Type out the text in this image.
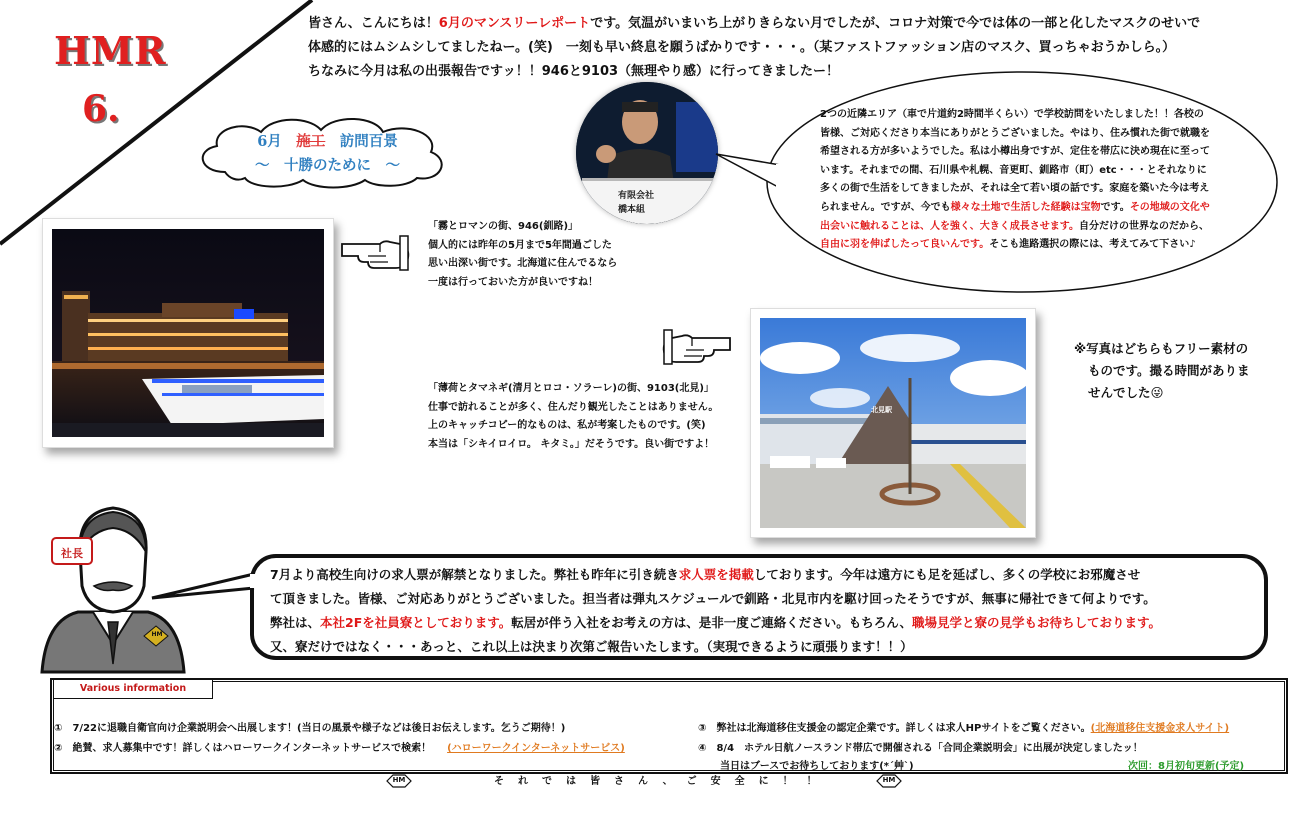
HMR
6.
皆さん、こんにちは！6月のマンスリーレポートです。気温がいまいち上がりきらない月でしたが、コロナ対策で今では体の一部と化したマスクのせいで
体感的にはムシムシしてましたねー。(笑)　一刻も早い終息を願うばかりです・・・。（某ファストファッション店のマスク、買っちゃおうかしら。）
ちなみに今月は私の出張報告ですッ！！946と9103（無理やり感）に行ってきましたー！
6月　施工　訪問百景
～　十勝のために　～
有限会社
橋本組
2つの近隣エリア（車で片道約2時間半くらい）で学校訪問をいたしました！！各校の皆様、ご対応くださり本当にありがとうございました。やはり、住み慣れた街で就職を希望される方が多いようでした。私は小樽出身ですが、定住を帯広に決め現在に至っています。それまでの間、石川県や札幌、音更町、釧路市（町）etc・・・とそれなりに多くの街で生活をしてきましたが、それは全て若い頃の話です。家庭を築いた今は考えられません。ですが、今でも様々な土地で生活した経験は宝物です。その地域の文化や出会いに触れることは、人を強く、大きく成長させます。自分だけの世界なのだから、自由に羽を伸ばしたって良いんです。そこも進路選択の際には、考えてみて下さい♪
「霧とロマンの街、946(釧路)」
個人的には昨年の5月まで5年間過ごした
思い出深い街です。北海道に住んでるなら
一度は行っておいた方が良いですね！
「薄荷とタマネギ(清月とロコ・ソラーレ)の街、9103(北見)」
仕事で訪れることが多く、住んだり観光したことはありません。
上のキャッチコピー的なものは、私が考案したものです。(笑)
本当は「シキイロイロ。 キタミ。」だそうです。良い街ですよ！
北見駅
※写真はどちらもフリー素材の
ものです。撮る時間がありま
せんでした😜
社長
HM
7月より高校生向けの求人票が解禁となりました。弊社も昨年に引き続き求人票を掲載しております。今年は遠方にも足を延ばし、多くの学校にお邪魔させ
て頂きました。皆様、ご対応ありがとうございました。担当者は弾丸スケジュールで釧路・北見市内を駆け回ったそうですが、無事に帰社できて何よりです。
弊社は、本社2Fを社員寮としております。転居が伴う入社をお考えの方は、是非一度ご連絡ください。もちろん、職場見学と寮の見学もお待ちしております。
又、寮だけではなく・・・あっと、これ以上は決まり次第ご報告いたします。（実現できるように頑張ります！！）
Various information
①　7/22に退職自衛官向け企業説明会へ出展します！(当日の風景や様子などは後日お伝えします。乞うご期待！)
②　絶賛、求人募集中です！詳しくはハローワークインターネットサービスで検索！ (ハローワークインターネットサービス)
③　弊社は北海道移住支援金の認定企業です。詳しくは求人HPサイトをご覧ください。(北海道移住支援金求人サイト)
④　8/4　ホテル日航ノースランド帯広で開催される「合同企業説明会」に出展が決定しましたッ！
当日はブースでお待ちしております(*ˊ艸ˋ)	次回：8月初旬更新(予定)
HM	それでは皆さん、ご安全に！！	HM
